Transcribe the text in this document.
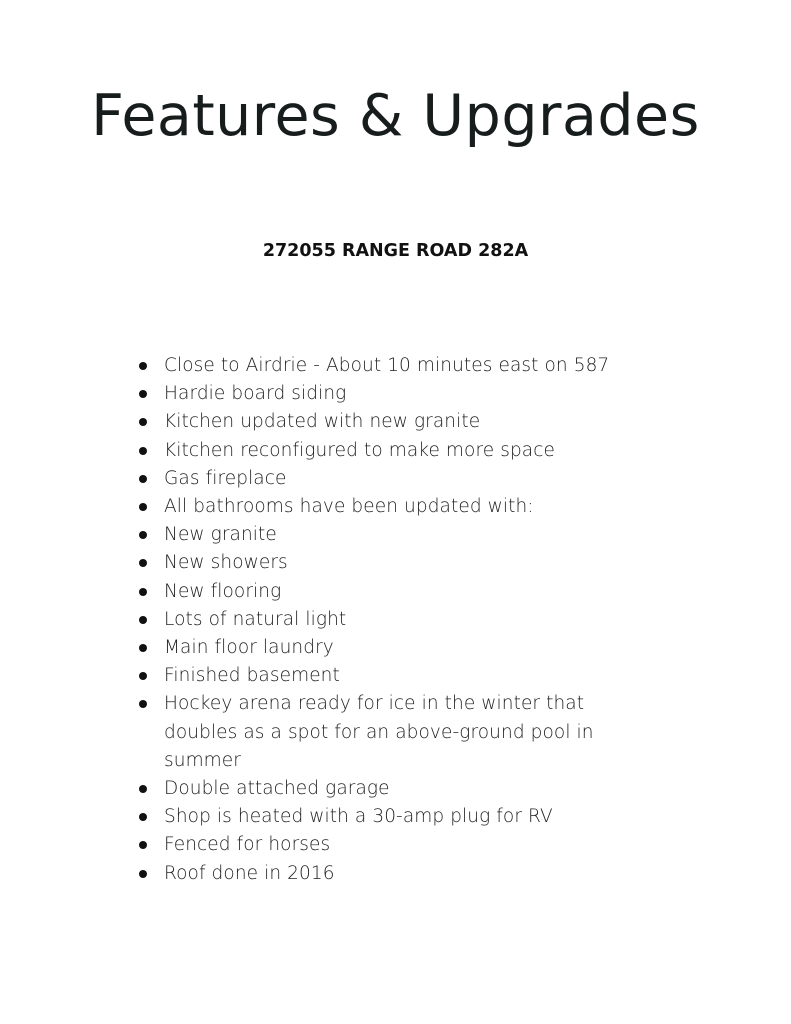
Features & Upgrades
272055 RANGE ROAD 282A
Close to Airdrie - About 10 minutes east on 587
Hardie board siding
Kitchen updated with new granite
Kitchen reconfigured to make more space
Gas fireplace
All bathrooms have been updated with:
New granite
New showers
New flooring
Lots of natural light
Main floor laundry
Finished basement
Hockey arena ready for ice in the winter that doubles as a spot for an above-ground pool in summer
Double attached garage
Shop is heated with a 30-amp plug for RV
Fenced for horses
Roof done in 2016
